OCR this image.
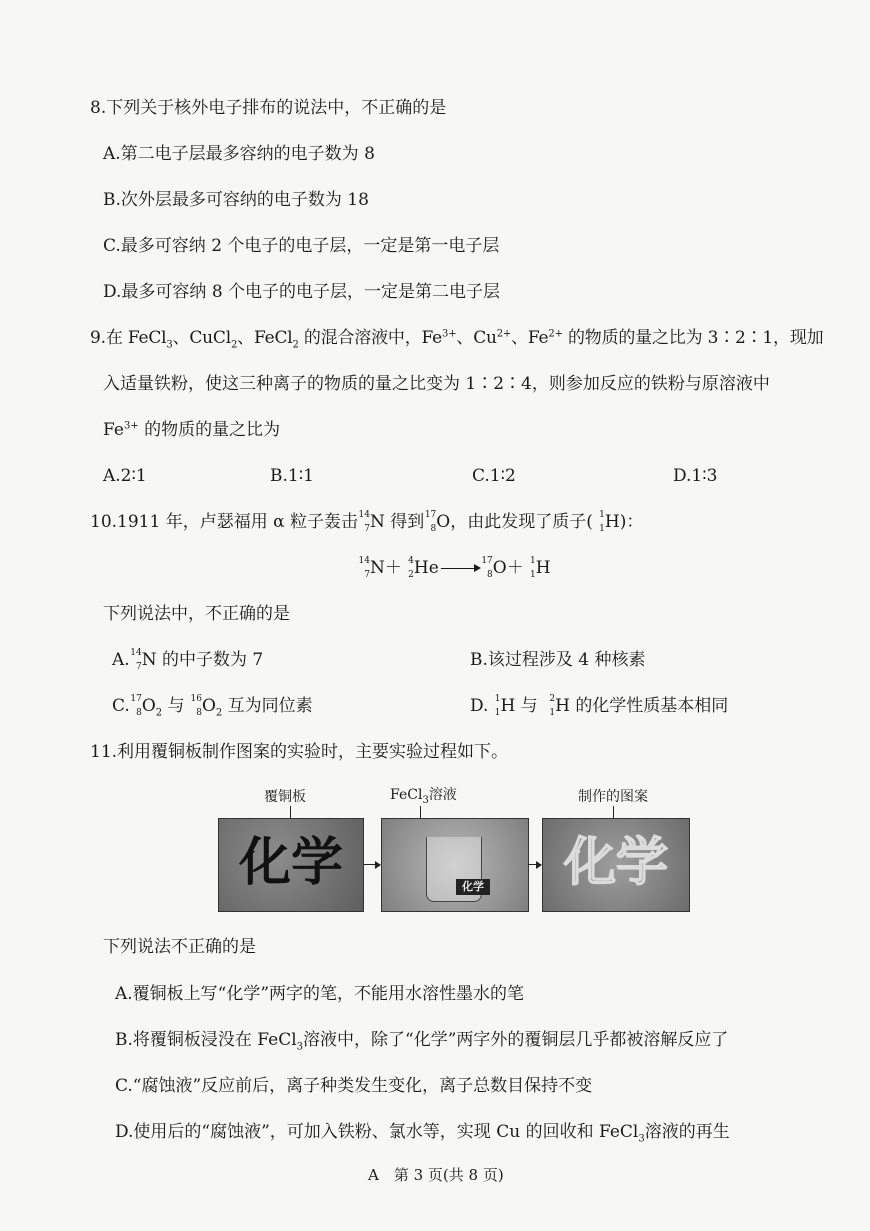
8.下列关于核外电子排布的说法中，不正确的是
A.第二电子层最多容纳的电子数为 8
B.次外层最多可容纳的电子数为 18
C.最多可容纳 2 个电子的电子层，一定是第一电子层
D.最多可容纳 8 个电子的电子层，一定是第二电子层
9.在 FeCl$_3$、CuCl$_2$、FeCl$_2$ 的混合溶液中，$Fe^{3+}$、$Cu^{2+}$、$Fe^{2+}$ 的物质的量之比为 3∶2∶1，现加
入适量铁粉，使这三种离子的物质的量之比变为 1∶2∶4，则参加反应的铁粉与原溶液中
$Fe^{3+}$ 的物质的量之比为
A.2∶1	B.1∶1	C.1∶2	D.1∶3
10.1911 年，卢瑟福用 α 粒子轰击 14
7 N 得到 17
8 O，由此发现了质子( 1
1 H)：
14
7 N＋ 4
2 He →
17
8 O＋ 1
1 H
下列说法中，不正确的是
A. 14
7 N 的中子数为 7	B.该过程涉及 4 种核素
C. 17
8 $O_2$ 与 16
8 $O_2$ 互为同位素	D. 1
1 H 与 2
1 H 的化学性质基本相同
11.利用覆铜板制作图案的实验时，主要实验过程如下。
覆铜板	FeCl$_3$溶液	制作的图案
化学	化学	化学
下列说法不正确的是
A.覆铜板上写“化学”两字的笔，不能用水溶性墨水的笔
B.将覆铜板浸没在 FeCl$_3$溶液中，除了“化学”两字外的覆铜层几乎都被溶解反应了
C.“腐蚀液”反应前后，离子种类发生变化，离子总数目保持不变
D.使用后的“腐蚀液”，可加入铁粉、氯水等，实现 Cu 的回收和 FeCl$_3$溶液的再生
A　第 3 页(共 8 页)
